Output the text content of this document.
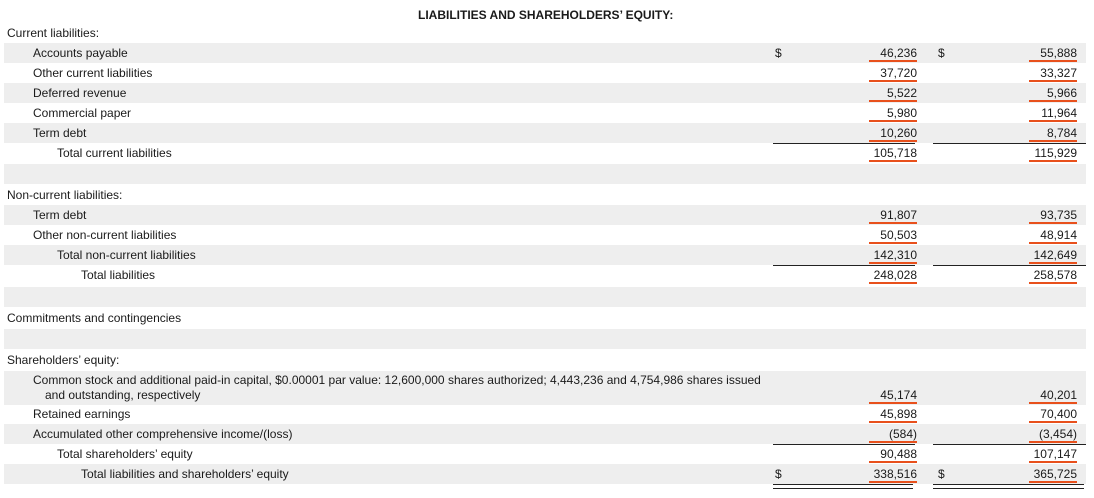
LIABILITIES AND SHAREHOLDERS’ EQUITY:
Current liabilities:
Accounts payable	$	46,236 $	55,888
Other current liabilities	37,720	33,327
Deferred revenue	5,522	5,966
Commercial paper	5,980	11,964
Term debt	10,260	8,784
Total current liabilities	105,718	115,929
Non-current liabilities:
Term debt	91,807	93,735
Other non-current liabilities	50,503	48,914
Total non-current liabilities	142,310	142,649
Total liabilities	248,028	258,578
Commitments and contingencies
Shareholders’ equity:
Common stock and additional paid-in capital, $0.00001 par value: 12,600,000 shares authorized; 4,443,236 and 4,754,986 shares issued
and outstanding, respectively	45,174	40,201
Retained earnings	45,898	70,400
Accumulated other comprehensive income/(loss)	(584)	(3,454)
Total shareholders’ equity	90,488	107,147
Total liabilities and shareholders’ equity	$	338,516 $	365,725
